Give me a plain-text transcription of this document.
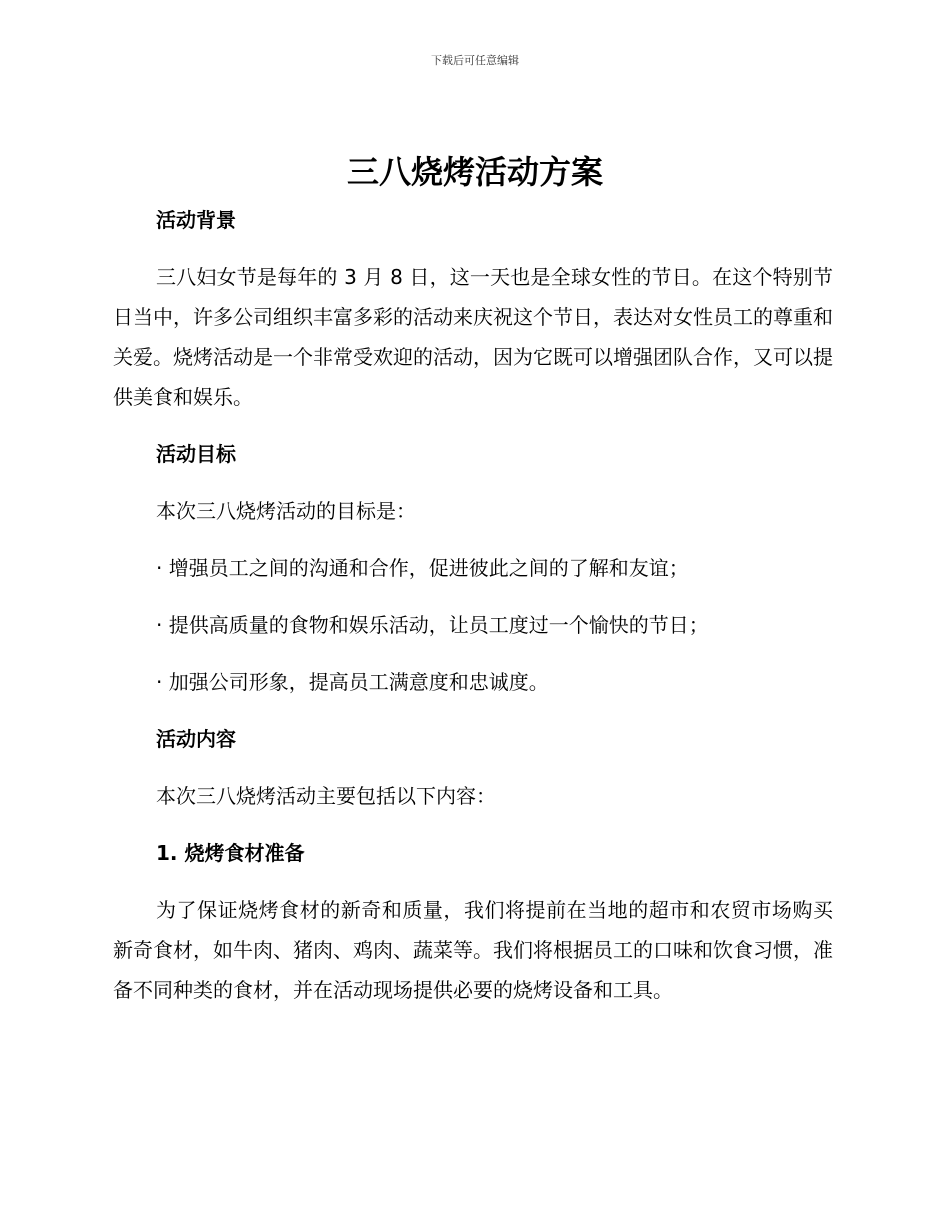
下载后可任意编辑
三八烧烤活动方案

活动背景

三八妇女节是每年的 3 月 8 日，这一天也是全球女性的节日。在这个特别节日当中，许多公司组织丰富多彩的活动来庆祝这个节日，表达对女性员工的尊重和关爱。烧烤活动是一个非常受欢迎的活动，因为它既可以增强团队合作，又可以提供美食和娱乐。

活动目标

本次三八烧烤活动的目标是：

· 增强员工之间的沟通和合作，促进彼此之间的了解和友谊；

· 提供高质量的食物和娱乐活动，让员工度过一个愉快的节日；

· 加强公司形象，提高员工满意度和忠诚度。

活动内容

本次三八烧烤活动主要包括以下内容：

1. 烧烤食材准备

为了保证烧烤食材的新奇和质量，我们将提前在当地的超市和农贸市场购买新奇食材，如牛肉、猪肉、鸡肉、蔬菜等。我们将根据员工的口味和饮食习惯，准备不同种类的食材，并在活动现场提供必要的烧烤设备和工具。
